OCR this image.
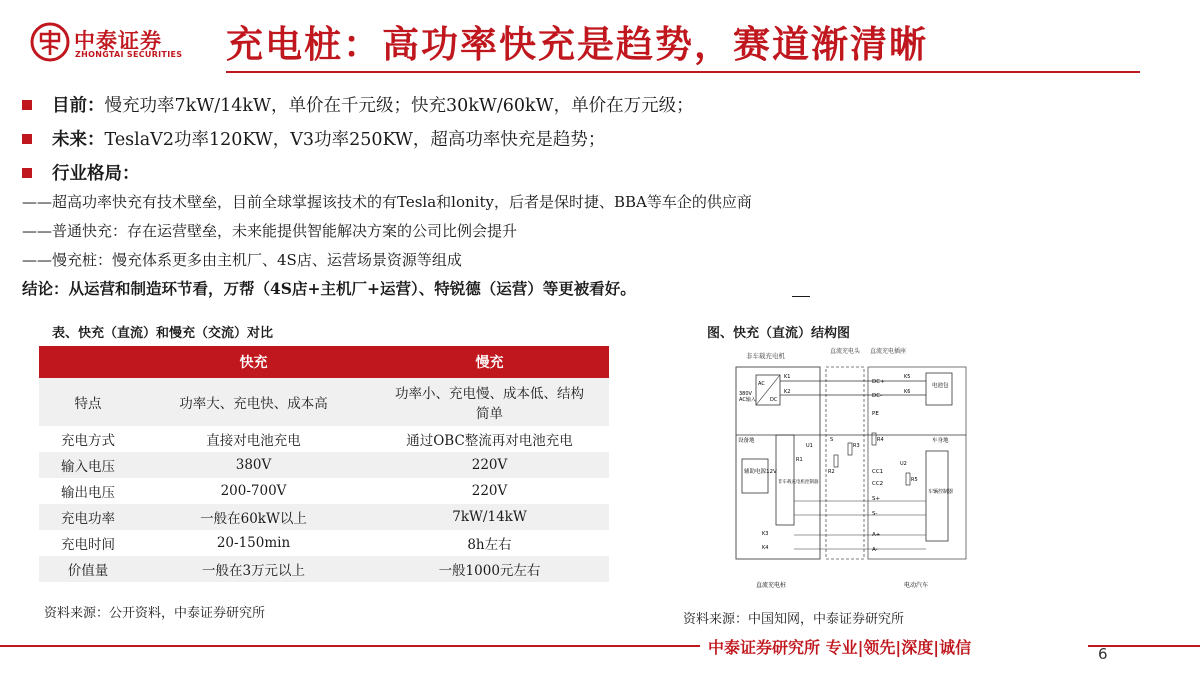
中泰证券
ZHONGTAI SECURITIES 充电桩：高功率快充是趋势，赛道渐清晰
目前：慢充功率7kW/14kW，单价在千元级；快充30kW/60kW，单价在万元级；
未来：TeslaV2功率120KW，V3功率250KW，超高功率快充是趋势；
行业格局：
——超高功率快充有技术壁垒，目前全球掌握该技术的有Tesla和lonity，后者是保时捷、BBA等车企的供应商
——普通快充：存在运营壁垒，未来能提供智能解决方案的公司比例会提升
——慢充桩：慢充体系更多由主机厂、4S店、运营场景资源等组成
结论：从运营和制造环节看，万帮（4S店+主机厂+运营）、特锐德（运营）等更被看好。
表、快充（直流）和慢充（交流）对比
	快充	慢充
特点	功率大、充电快、成本高	功率小、充电慢、成本低、结构简单
充电方式	直接对电池充电	通过OBC整流再对电池充电
输入电压	380V	220V
输出电压	200-700V	220V
充电功率	一般在60kW以上	7kW/14kW
充电时间	20-150min	8h左右
价值量	一般在3万元以上	一般1000元左右
资料来源：公开资料，中泰证券研究所
图、快充（直流）结构图
非车载充电机
直流充电头 直流充电插座
AC
DC
380V
AC输入
K1
K2
K5
K6
电池包
DC+
DC-
PE
CC1
CC2
S+
S-
A+
A-
设备地	车身地
R2
R3
R4
R5
R1
S
U1
U2
辅助电源12V
非车载充电机控制器
车辆控制器
K3
K4
直流充电桩	电动汽车
资料来源：中国知网，中泰证券研究所
中泰证券研究所 专业|领先|深度|诚信	6
